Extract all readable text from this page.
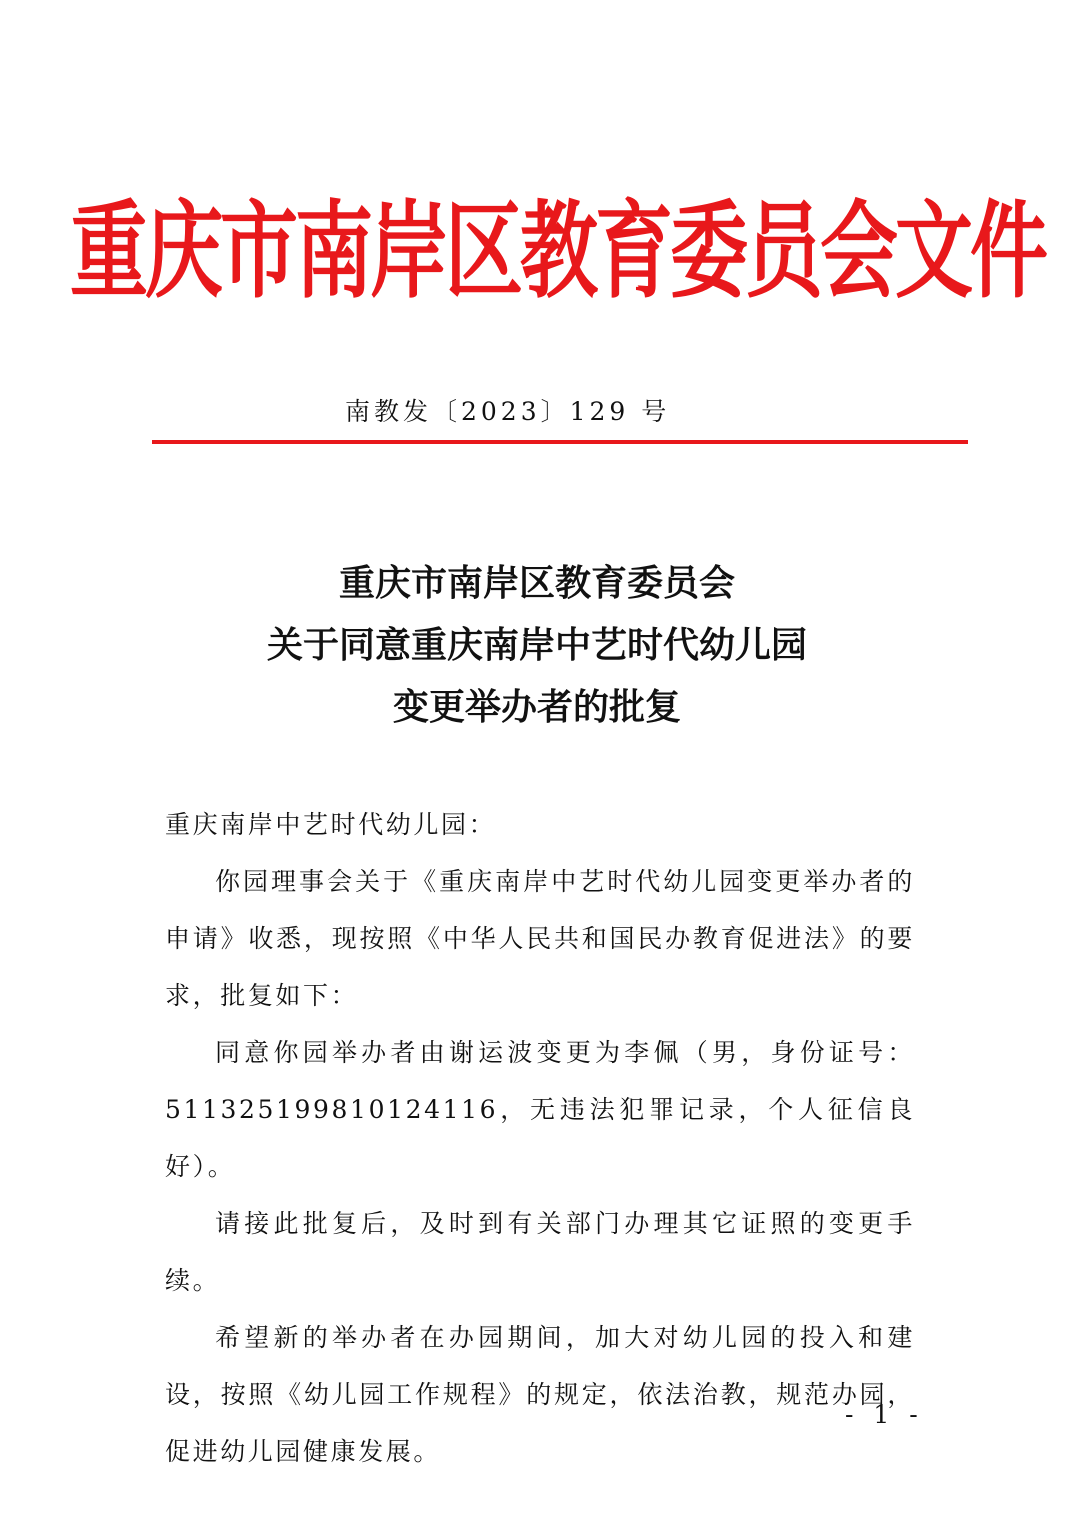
重庆市南岸区教育委员会文件
南教发〔2023〕129 号
重庆市南岸区教育委员会
关于同意重庆南岸中艺时代幼儿园
变更举办者的批复

重庆南岸中艺时代幼儿园：

你园理事会关于《重庆南岸中艺时代幼儿园变更举办者的申请》收悉，现按照《中华人民共和国民办教育促进法》的要求，批复如下：

同意你园举办者由谢运波变更为李佩（男，身份证号：511325199810124116，无违法犯罪记录，个人征信良好）。

请接此批复后，及时到有关部门办理其它证照的变更手续。

希望新的举办者在办园期间，加大对幼儿园的投入和建设，按照《幼儿园工作规程》的规定，依法治教，规范办园，促进幼儿园健康发展。

- 1 -
